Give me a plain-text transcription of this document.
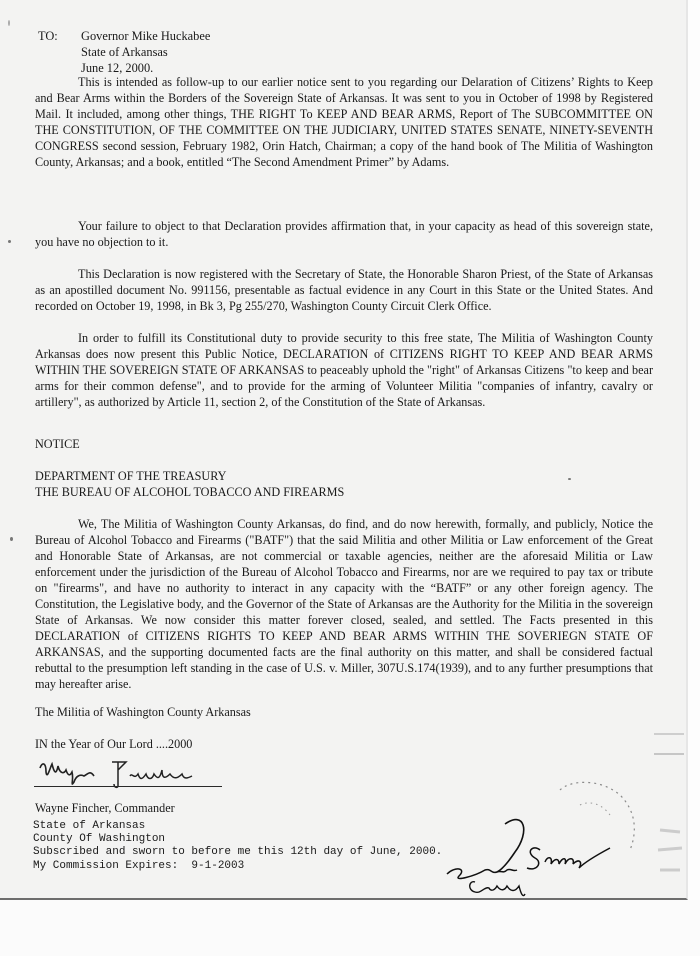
TO: Governor Mike Huckabee
State of Arkansas
June 12, 2000.

This is intended as follow-up to our earlier notice sent to you regarding our Delaration of Citizens’ Rights to Keep and Bear Arms within the Borders of the Sovereign State of Arkansas. It was sent to you in October of 1998 by Registered Mail. It included, among other things, THE RIGHT To KEEP AND BEAR ARMS, Report of The SUBCOMMITTEE ON THE CONSTITUTION, OF THE COMMITTEE ON THE JUDICIARY, UNITED STATES SENATE, NINETY-SEVENTH CONGRESS second session, February 1982, Orin Hatch, Chairman; a copy of the hand book of The Militia of Washington County, Arkansas; and a book, entitled “The Second Amendment Primer” by Adams.

Your failure to object to that Declaration provides affirmation that, in your capacity as head of this sovereign state, you have no objection to it.

This Declaration is now registered with the Secretary of State, the Honorable Sharon Priest, of the State of Arkansas as an apostilled document No. 991156, presentable as factual evidence in any Court in this State or the United States. And recorded on October 19, 1998, in Bk 3, Pg 255/270, Washington County Circuit Clerk Office.

In order to fulfill its Constitutional duty to provide security to this free state, The Militia of Washington County Arkansas does now present this Public Notice, DECLARATION of CITIZENS RIGHT TO KEEP AND BEAR ARMS WITHIN THE SOVEREIGN STATE OF ARKANSAS to peaceably uphold the "right" of Arkansas Citizens "to keep and bear arms for their common defense", and to provide for the arming of Volunteer Militia "companies of infantry, cavalry or artillery", as authorized by Article 11, section 2, of the Constitution of the State of Arkansas.

NOTICE
DEPARTMENT OF THE TREASURY
THE BUREAU OF ALCOHOL TOBACCO AND FIREARMS

We, The Militia of Washington County Arkansas, do find, and do now herewith, formally, and publicly, Notice the Bureau of Alcohol Tobacco and Firearms ("BATF") that the said Militia and other Militia or Law enforcement of the Great and Honorable State of Arkansas, are not commercial or taxable agencies, neither are the aforesaid Militia or Law enforcement under the jurisdiction of the Bureau of Alcohol Tobacco and Firearms, nor are we required to pay tax or tribute on "firearms", and have no authority to interact in any capacity with the “BATF” or any other foreign agency. The Constitution, the Legislative body, and the Governor of the State of Arkansas are the Authority for the Militia in the sovereign State of Arkansas. We now consider this matter forever closed, sealed, and settled. The Facts presented in this DECLARATION of CITIZENS RIGHTS TO KEEP AND BEAR ARMS WITHIN THE SOVERIEGN STATE OF ARKANSAS, and the supporting documented facts are the final authority on this matter, and shall be considered factual rebuttal to the presumption left standing in the case of U.S. v. Miller, 307U.S.174(1939), and to any further presumptions that may hereafter arise.

The Militia of Washington County Arkansas
IN the Year of Our Lord ....2000
Wayne Fincher
Wayne Fincher, Commander
State of Arkansas
County Of Washington
Subscribed and sworn to before me this 12th day of June, 2000.
My Commission Expires:  9-1-2003
Shawn S. Combs
